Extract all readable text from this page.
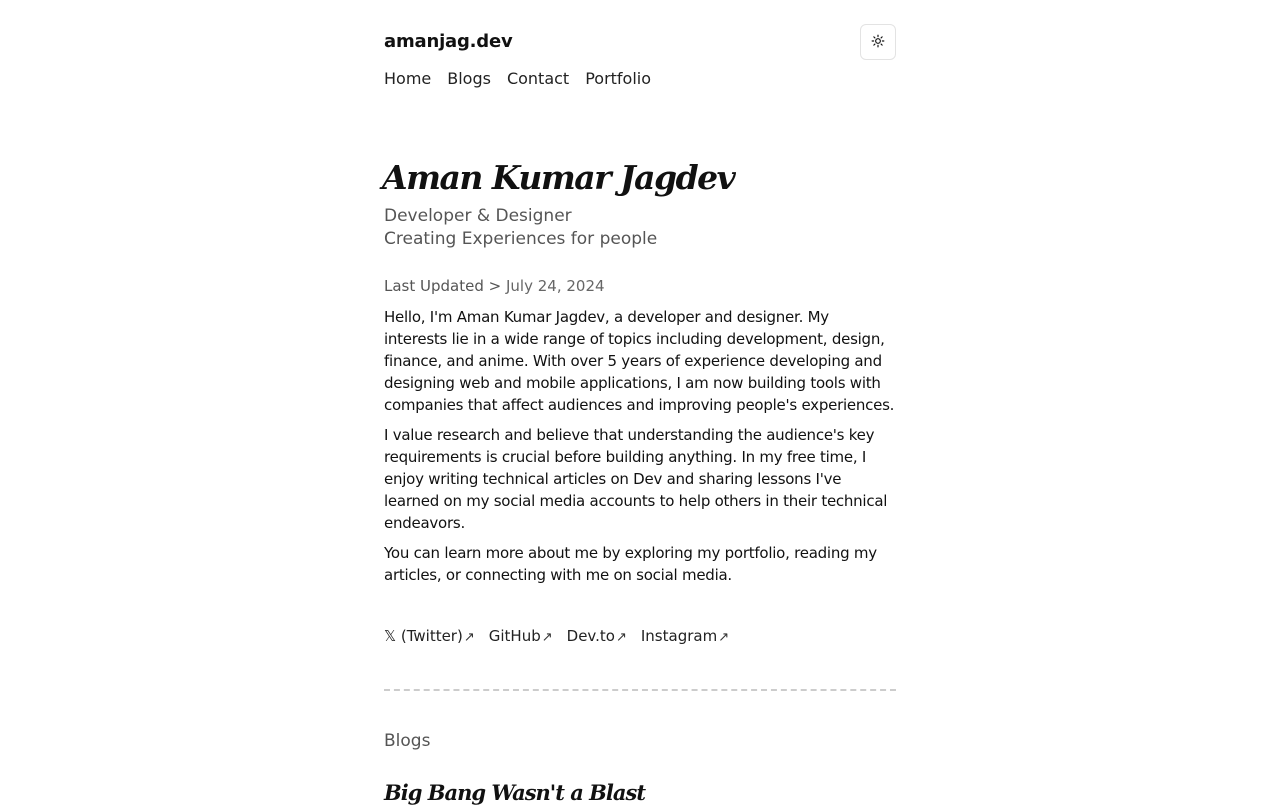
amanjag.dev
Home Blogs Contact Portfolio
Aman Kumar Jagdev
Developer & Designer
Creating Experiences for people
Last Updated > July 24, 2024

Hello, I'm Aman Kumar Jagdev, a developer and designer. My interests lie in a wide range of topics including development, design, finance, and anime. With over 5 years of experience developing and designing web and mobile applications, I am now building tools with companies that affect audiences and improving people's experiences.

I value research and believe that understanding the audience's key requirements is crucial before building anything. In my free time, I enjoy writing technical articles on Dev and sharing lessons I've learned on my social media accounts to help others in their technical endeavors.

You can learn more about me by exploring my portfolio, reading my articles, or connecting with me on social media.

𝕏 (Twitter)↗ GitHub↗ Dev.to↗ Instagram↗
Blogs
Big Bang Wasn't a Blast
